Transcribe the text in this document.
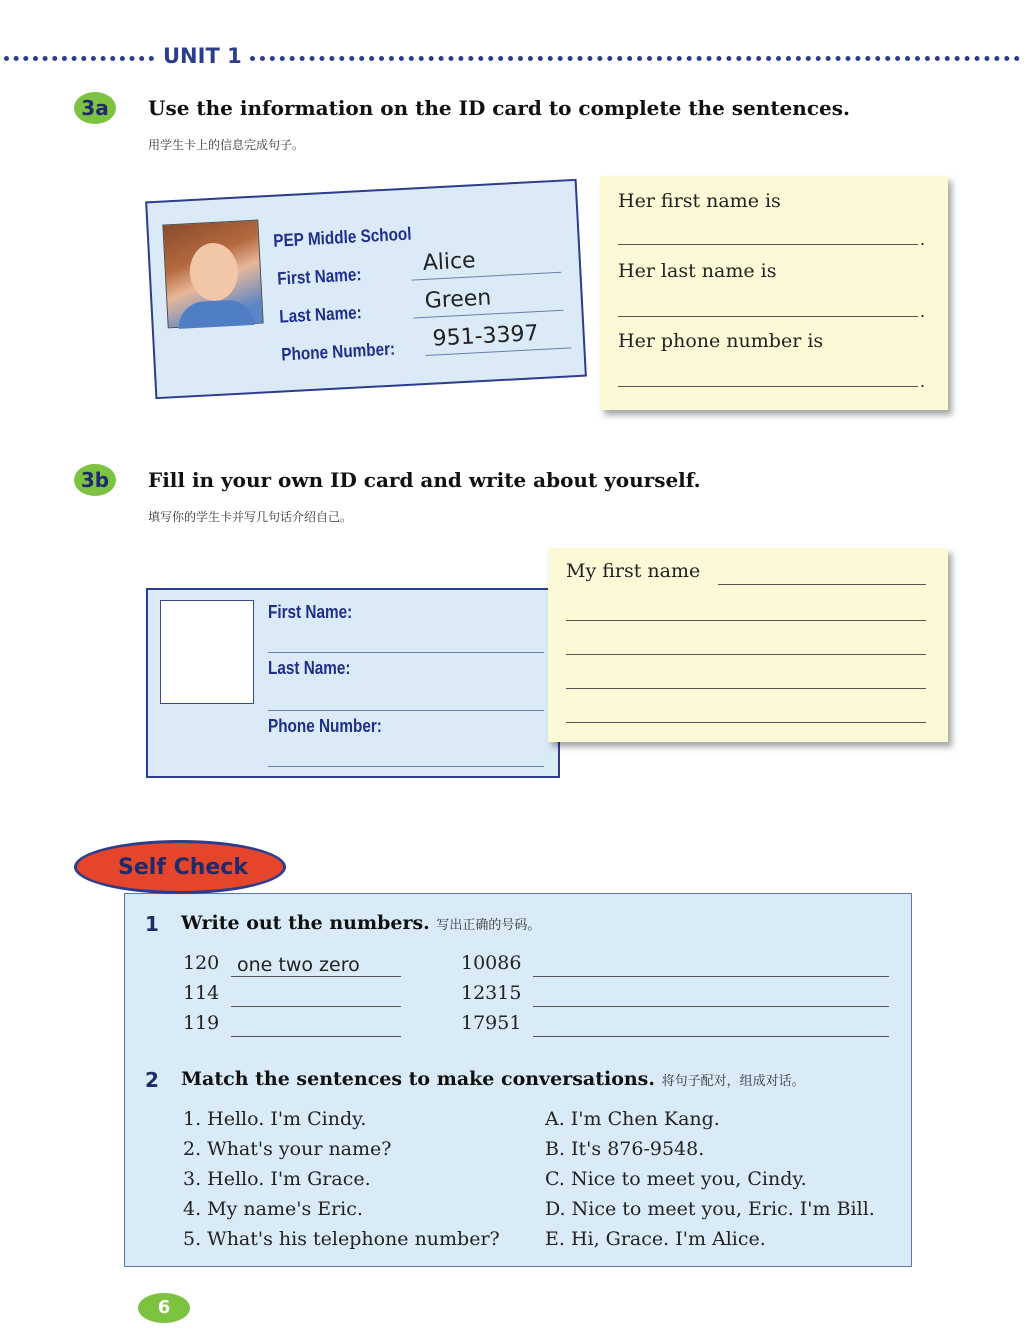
UNIT 1
3a	Use the information on the ID card to complete the sentences.
用学生卡上的信息完成句子。
PEP Middle School
First Name:
Alice
Last Name:
Green
Phone Number: 951-3397
Her first name is
.
Her last name is
.
Her phone number is
.
3b	Fill in your own ID card and write about yourself.
填写你的学生卡并写几句话介绍自己。
First Name:
Last Name:
Phone Number:
My first name
1 Write out the numbers. 写出正确的号码。
120 one two zero
114
119
10086
12315
17951
2 Match the sentences to make conversations. 将句子配对，组成对话。
1. Hello. I'm Cindy.
2. What's your name?
3. Hello. I'm Grace.
4. My name's Eric.
5. What's his telephone number?
A. I'm Chen Kang.
B. It's 876-9548.
C. Nice to meet you, Cindy.
D. Nice to meet you, Eric. I'm Bill.
E. Hi, Grace. I'm Alice.
Self Check
6
